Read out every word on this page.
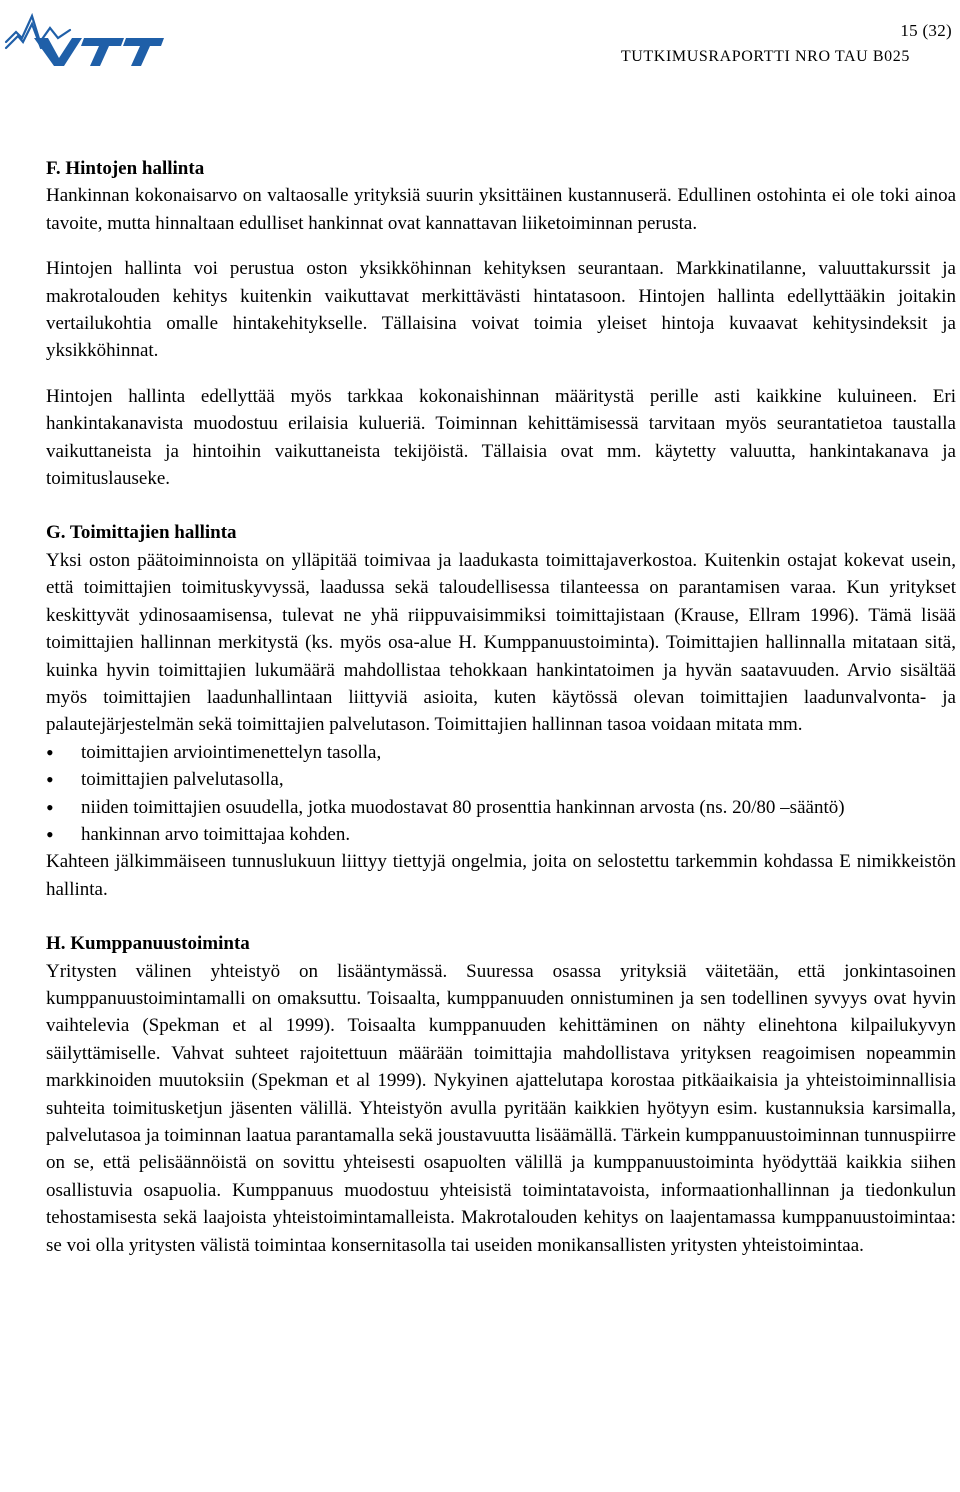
15 (32)
TUTKIMUSRAPORTTI NRO TAU B025
F. Hintojen hallinta

Hankinnan kokonaisarvo on valtaosalle yrityksiä suurin yksittäinen kustannuserä. Edullinen ostohinta ei ole toki ainoa tavoite, mutta hinnaltaan edulliset hankinnat ovat kannattavan liiketoiminnan perusta.

Hintojen hallinta voi perustua oston yksikköhinnan kehityksen seurantaan. Markkinatilanne, valuuttakurssit ja makrotalouden kehitys kuitenkin vaikuttavat merkittävästi hintatasoon. Hintojen hallinta edellyttääkin joitakin vertailukohtia omalle hintakehitykselle. Tällaisina voivat toimia yleiset hintoja kuvaavat kehitysindeksit ja yksikköhinnat.

Hintojen hallinta edellyttää myös tarkkaa kokonaishinnan määritystä perille asti kaikkine kuluineen. Eri hankintakanavista muodostuu erilaisia kulueriä. Toiminnan kehittämisessä tarvitaan myös seurantatietoa taustalla vaikuttaneista ja hintoihin vaikuttaneista tekijöistä. Tällaisia ovat mm. käytetty valuutta, hankintakanava ja toimituslauseke.

G. Toimittajien hallinta

Yksi oston päätoiminnoista on ylläpitää toimivaa ja laadukasta toimittajaverkostoa. Kuitenkin ostajat kokevat usein, että toimittajien toimituskyvyssä, laadussa sekä taloudellisessa tilanteessa on parantamisen varaa. Kun yritykset keskittyvät ydinosaamisensa, tulevat ne yhä riippuvaisimmiksi toimittajistaan (Krause, Ellram 1996). Tämä lisää toimittajien hallinnan merkitystä (ks. myös osa-alue H. Kumppanuustoiminta). Toimittajien hallinnalla mitataan sitä, kuinka hyvin toimittajien lukumäärä mahdollistaa tehokkaan hankintatoimen ja hyvän saatavuuden. Arvio sisältää myös toimittajien laadunhallintaan liittyviä asioita, kuten käytössä olevan toimittajien laadunvalvonta- ja palautejärjestelmän sekä toimittajien palvelutason. Toimittajien hallinnan tasoa voidaan mitata mm.

• toimittajien arviointimenettelyn tasolla,
• toimittajien palvelutasolla,
• niiden toimittajien osuudella, jotka muodostavat 80 prosenttia hankinnan arvosta (ns. 20/80 –sääntö)
• hankinnan arvo toimittajaa kohden.

Kahteen jälkimmäiseen tunnuslukuun liittyy tiettyjä ongelmia, joita on selostettu tarkemmin kohdassa E nimikkeistön hallinta.

H. Kumppanuustoiminta

Yritysten välinen yhteistyö on lisääntymässä. Suuressa osassa yrityksiä väitetään, että jonkintasoinen kumppanuustoimintamalli on omaksuttu. Toisaalta, kumppanuuden onnistuminen ja sen todellinen syvyys ovat hyvin vaihtelevia (Spekman et al 1999). Toisaalta kumppanuuden kehittäminen on nähty elinehtona kilpailukyvyn säilyttämiselle. Vahvat suhteet rajoitettuun määrään toimittajia mahdollistava yrityksen reagoimisen nopeammin markkinoiden muutoksiin (Spekman et al 1999). Nykyinen ajattelutapa korostaa pitkäaikaisia ja yhteistoiminnallisia suhteita toimitusketjun jäsenten välillä. Yhteistyön avulla pyritään kaikkien hyötyyn esim. kustannuksia karsimalla, palvelutasoa ja toiminnan laatua parantamalla sekä joustavuutta lisäämällä. Tärkein kumppanuustoiminnan tunnuspiirre on se, että pelisäännöistä on sovittu yhteisesti osapuolten välillä ja kumppanuustoiminta hyödyttää kaikkia siihen osallistuvia osapuolia. Kumppanuus muodostuu yhteisistä toimintatavoista, informaationhallinnan ja tiedonkulun tehostamisesta sekä laajoista yhteistoimintamalleista. Makrotalouden kehitys on laajentamassa kumppanuustoimintaa: se voi olla yritysten välistä toimintaa konsernitasolla tai useiden monikansallisten yritysten yhteistoimintaa.
